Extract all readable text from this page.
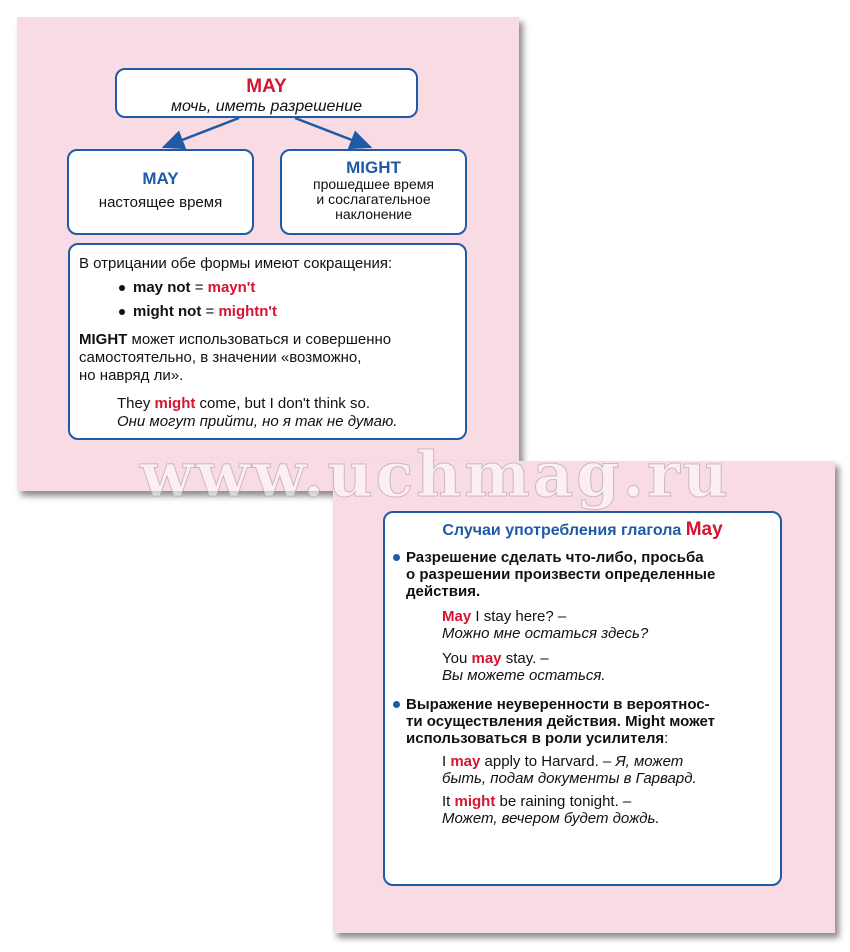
MAY
мочь, иметь разрешение
MAY
настоящее время
MIGHT
прошедшее время
и сослагательное
наклонение
В отрицании обе формы имеют сокращения:
may not
=
mayn't
might not
=
mightn't
MIGHT может использоваться и совершенно
самостоятельно, в значении «возможно,
но навряд ли».
They might come, but I don't think so.
Они могут прийти, но я так не думаю.
Случаи употребления глагола May
Разрешение сделать что-либо, просьба
о разрешении произвести определенные
действия.
May I stay here? –
Можно мне остаться здесь?
You may stay. –
Вы можете остаться.
Выражение неуверенности в вероятнос-
ти осуществления действия. Might может
использоваться в роли усилителя:
I may apply to Harvard. – Я, может
быть, подам документы в Гарвард.
It might be raining tonight. –
Может, вечером будет дождь.
www.uchmag.ru
